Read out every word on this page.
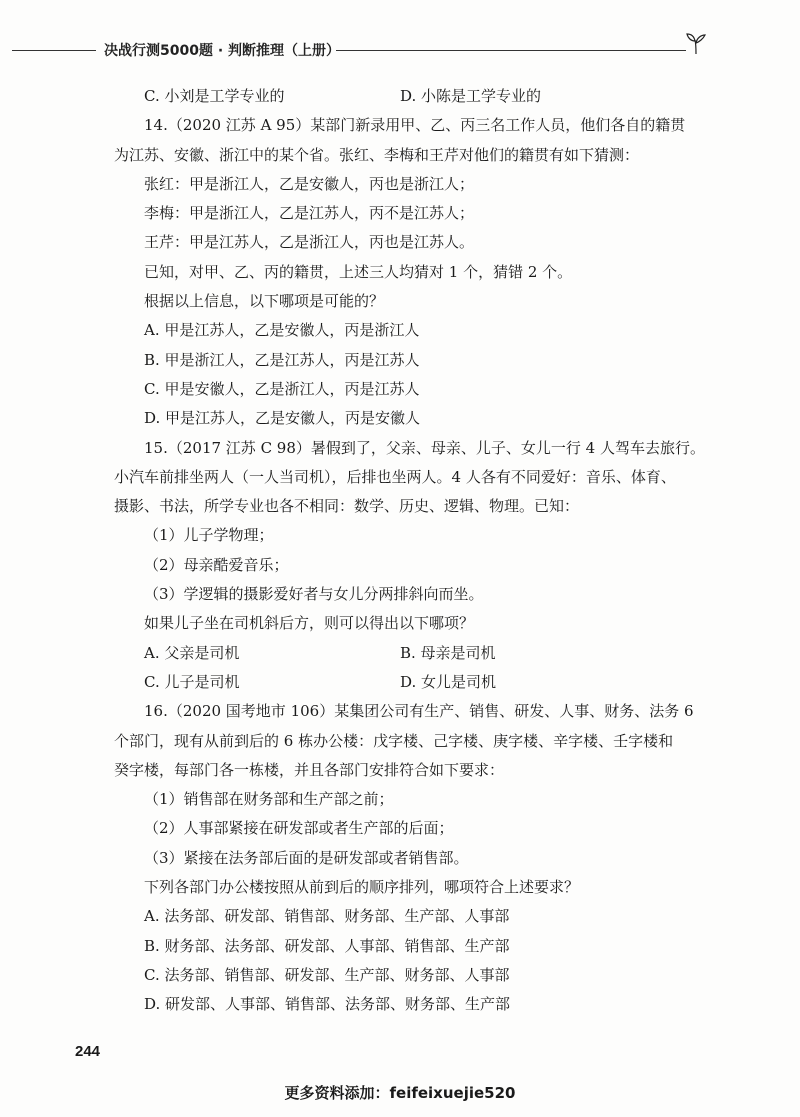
决战行测5000题 · 判断推理（上册）
C. 小刘是工学专业的	D. 小陈是工学专业的
14.（2020 江苏 A 95）某部门新录用甲、乙、丙三名工作人员，他们各自的籍贯
为江苏、安徽、浙江中的某个省。张红、李梅和王芹对他们的籍贯有如下猜测：
张红：甲是浙江人，乙是安徽人，丙也是浙江人；
李梅：甲是浙江人，乙是江苏人，丙不是江苏人；
王芹：甲是江苏人，乙是浙江人，丙也是江苏人。
已知，对甲、乙、丙的籍贯，上述三人均猜对 1 个，猜错 2 个。
根据以上信息，以下哪项是可能的？
A. 甲是江苏人，乙是安徽人，丙是浙江人
B. 甲是浙江人，乙是江苏人，丙是江苏人
C. 甲是安徽人，乙是浙江人，丙是江苏人
D. 甲是江苏人，乙是安徽人，丙是安徽人
15.（2017 江苏 C 98）暑假到了，父亲、母亲、儿子、女儿一行 4 人驾车去旅行。
小汽车前排坐两人（一人当司机），后排也坐两人。4 人各有不同爱好：音乐、体育、
摄影、书法，所学专业也各不相同：数学、历史、逻辑、物理。已知：
（1）儿子学物理；
（2）母亲酷爱音乐；
（3）学逻辑的摄影爱好者与女儿分两排斜向而坐。
如果儿子坐在司机斜后方，则可以得出以下哪项？
A. 父亲是司机	B. 母亲是司机
C. 儿子是司机	D. 女儿是司机
16.（2020 国考地市 106）某集团公司有生产、销售、研发、人事、财务、法务 6
个部门，现有从前到后的 6 栋办公楼：戊字楼、己字楼、庚字楼、辛字楼、壬字楼和
癸字楼，每部门各一栋楼，并且各部门安排符合如下要求：
（1）销售部在财务部和生产部之前；
（2）人事部紧接在研发部或者生产部的后面；
（3）紧接在法务部后面的是研发部或者销售部。
下列各部门办公楼按照从前到后的顺序排列，哪项符合上述要求？
A. 法务部、研发部、销售部、财务部、生产部、人事部
B. 财务部、法务部、研发部、人事部、销售部、生产部
C. 法务部、销售部、研发部、生产部、财务部、人事部
D. 研发部、人事部、销售部、法务部、财务部、生产部
244
更多资料添加：feifeixuejie520
